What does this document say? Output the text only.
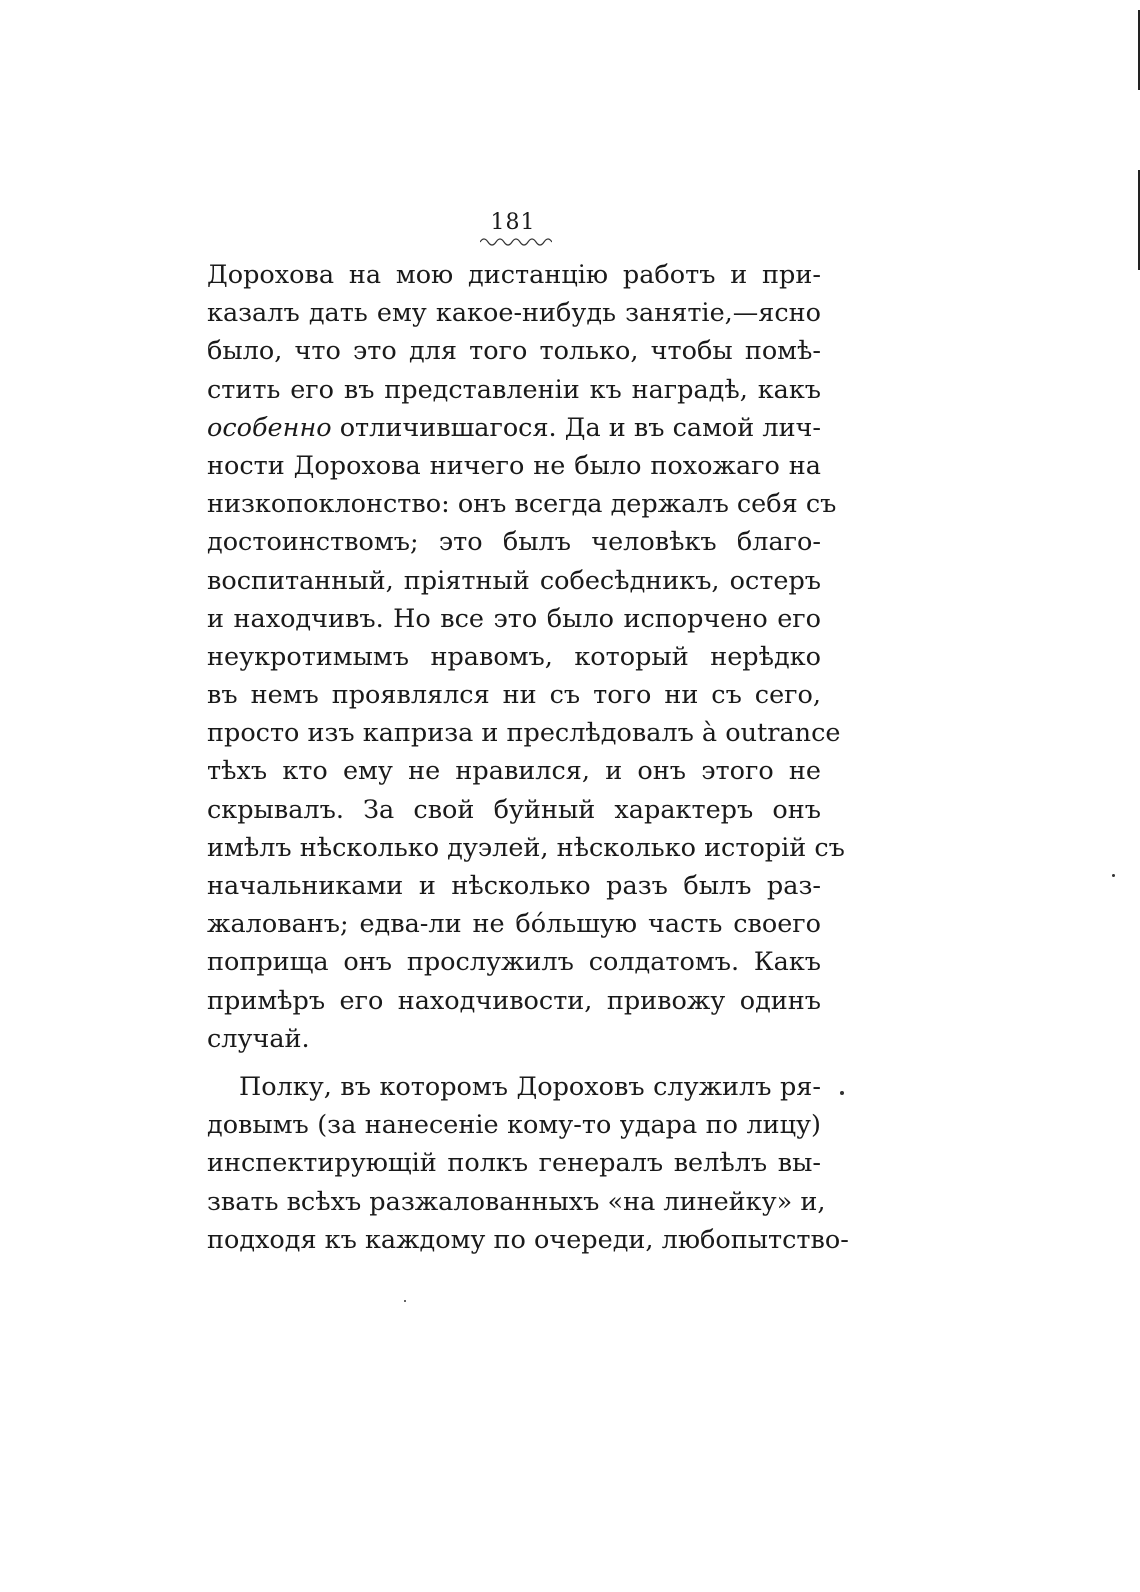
181
Дорохова на мою дистанцію работъ и при-
казалъ дать ему какое-нибудь занятіе,—ясно
было, что это для того только, чтобы помѣ-
стить его въ представленіи къ наградѣ, какъ
особенно отличившагося. Да и въ самой лич-
ности Дорохова ничего не было похожаго на
низкопоклонство: онъ всегда держалъ себя съ
достоинствомъ; это былъ человѣкъ благо-
воспитанный, пріятный собесѣдникъ, остеръ
и находчивъ. Но все это было испорчено его
неукротимымъ нравомъ, который нерѣдко
въ немъ проявлялся ни съ того ни съ сего,
просто изъ каприза и преслѣдовалъ à outrance
тѣхъ кто ему не нравился, и онъ этого не
скрывалъ. За свой буйный характеръ онъ
имѣлъ нѣсколько дуэлей, нѣсколько исторій съ
начальниками и нѣсколько разъ былъ раз-
жалованъ; едва-ли не бо́льшую часть своего
поприща онъ прослужилъ солдатомъ. Какъ
примѣръ его находчивости, привожу одинъ
случай.
Полку, въ которомъ Дороховъ служилъ ря-
довымъ (за нанесеніе кому-то удара по лицу)
инспектирующій полкъ генералъ велѣлъ вы-
звать всѣхъ разжалованныхъ «на линейку» и,
подходя къ каждому по очереди, любопытство-
